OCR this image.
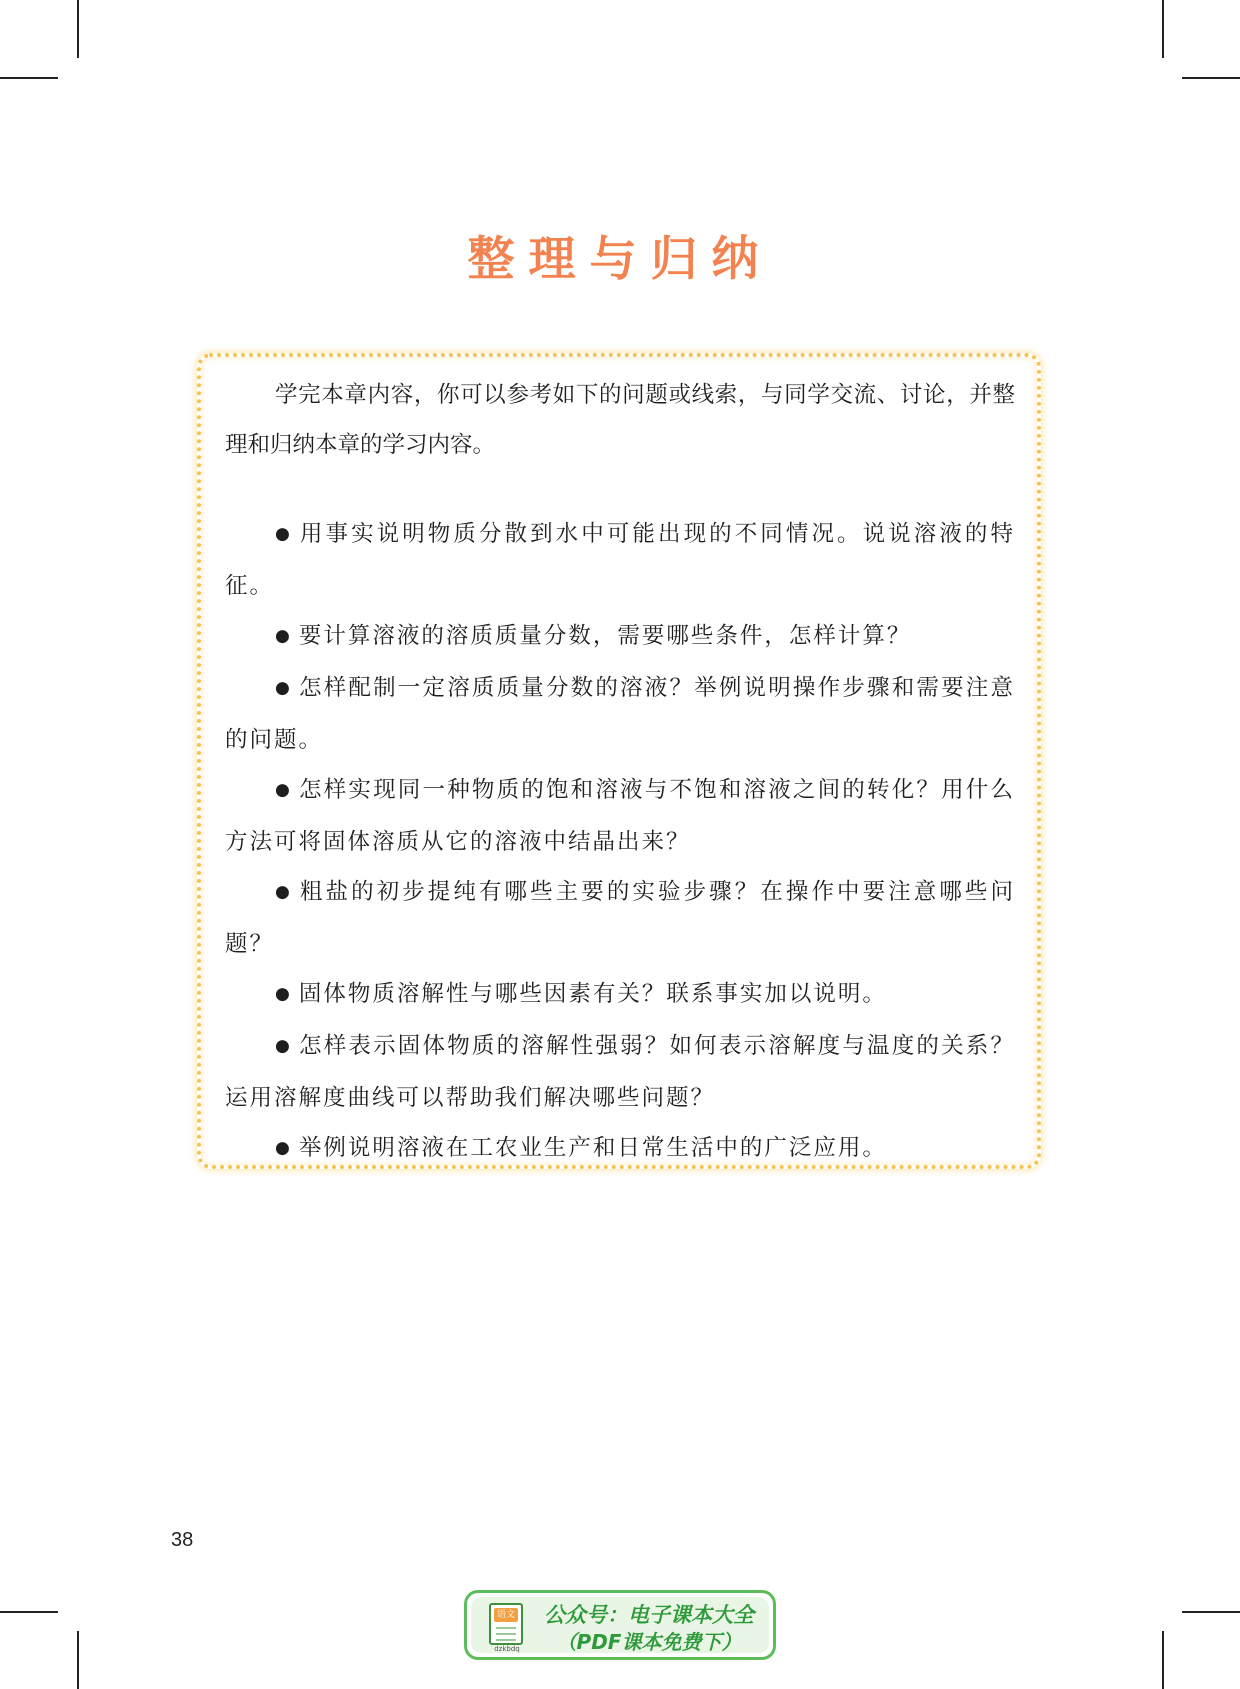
整理与归纳

学完本章内容，你可以参考如下的问题或线索，与同学交流、讨论，并整理和归纳本章的学习内容。

● 用事实说明物质分散到水中可能出现的不同情况。说说溶液的特征。

● 要计算溶液的溶质质量分数，需要哪些条件，怎样计算？

● 怎样配制一定溶质质量分数的溶液？举例说明操作步骤和需要注意的问题。

● 怎样实现同一种物质的饱和溶液与不饱和溶液之间的转化？用什么方法可将固体溶质从它的溶液中结晶出来？

● 粗盐的初步提纯有哪些主要的实验步骤？在操作中要注意哪些问题？

● 固体物质溶解性与哪些因素有关？联系事实加以说明。

● 怎样表示固体物质的溶解性强弱？如何表示溶解度与温度的关系？运用溶解度曲线可以帮助我们解决哪些问题？

● 举例说明溶液在工农业生产和日常生活中的广泛应用。

38
语文
dzkbdq
公众号：电子课本大全
（PDF课本免费下）
